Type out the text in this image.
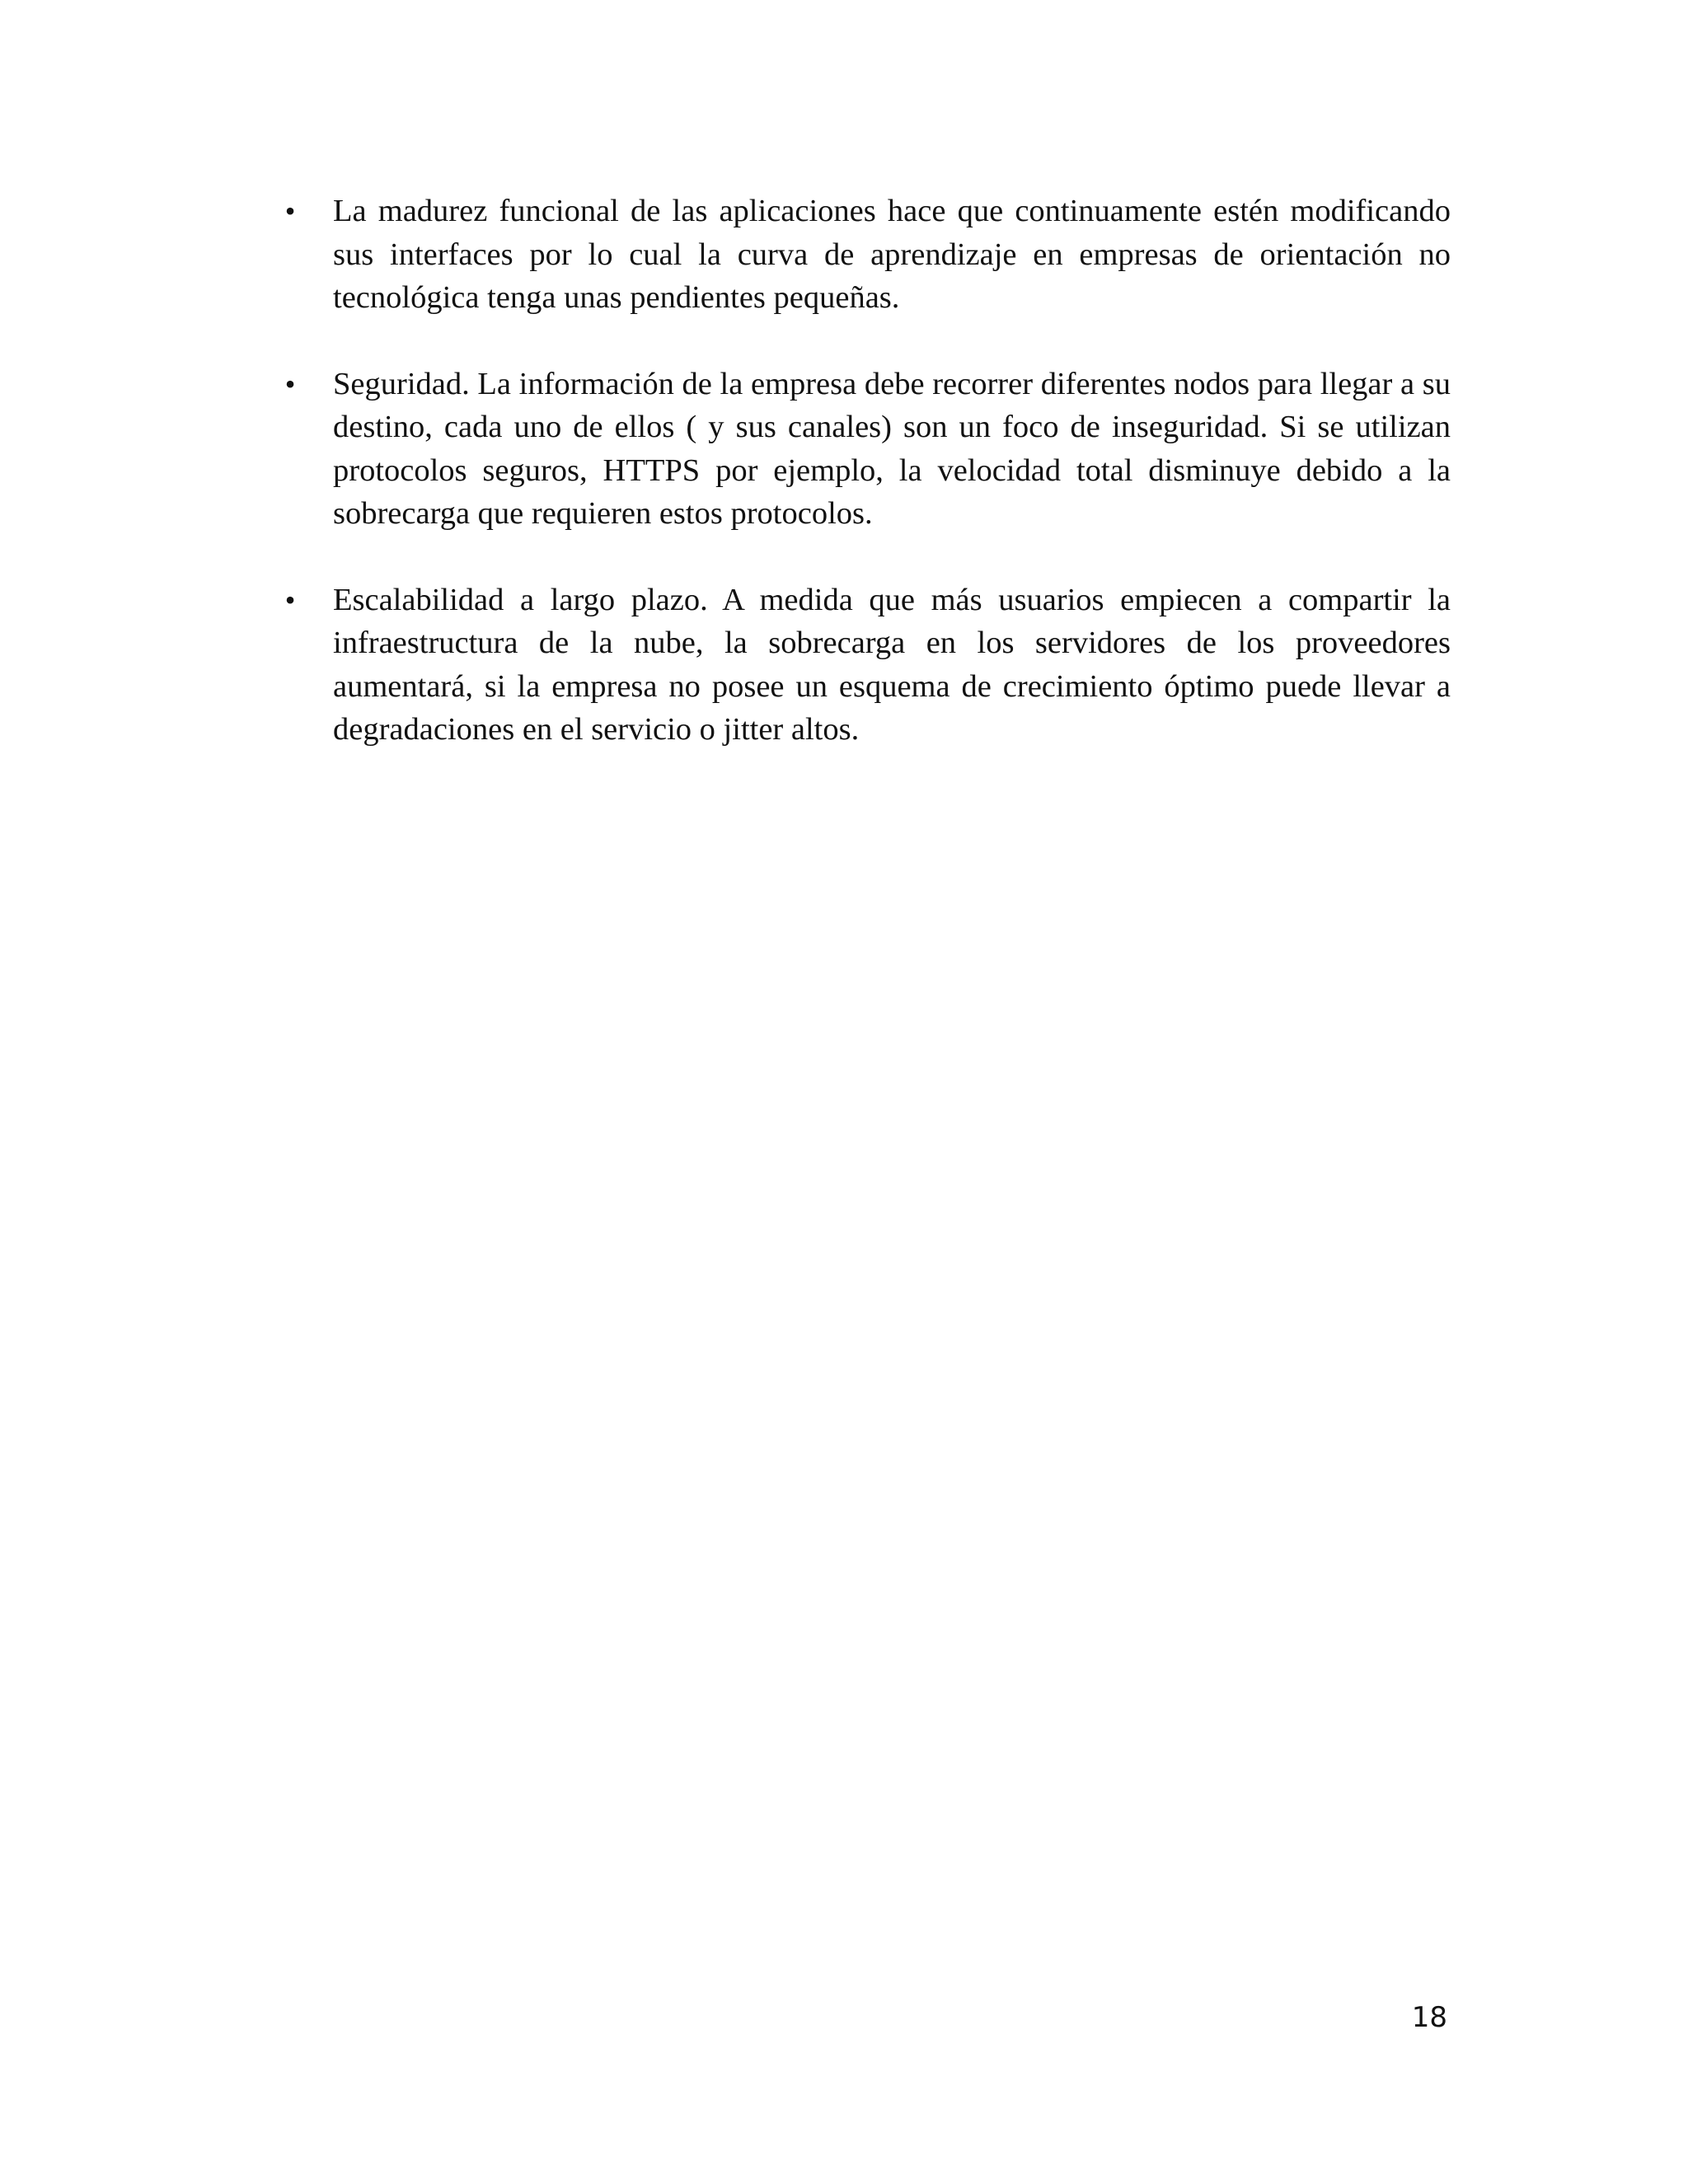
• La madurez funcional de las aplicaciones hace que continuamente estén modificando sus interfaces por lo cual la curva de aprendizaje en empresas de orientación no tecnológica tenga unas pendientes pequeñas.
• Seguridad. La información de la empresa debe recorrer diferentes nodos para llegar a su destino, cada uno de ellos ( y sus canales) son un foco de inseguridad. Si se utilizan protocolos seguros, HTTPS por ejemplo, la velocidad total disminuye debido a la sobrecarga que requieren estos protocolos.
• Escalabilidad a largo plazo. A medida que más usuarios empiecen a compartir la infraestructura de la nube, la sobrecarga en los servidores de los proveedores aumentará, si la empresa no posee un esquema de crecimiento óptimo puede llevar a degradaciones en el servicio o jitter altos.
18
